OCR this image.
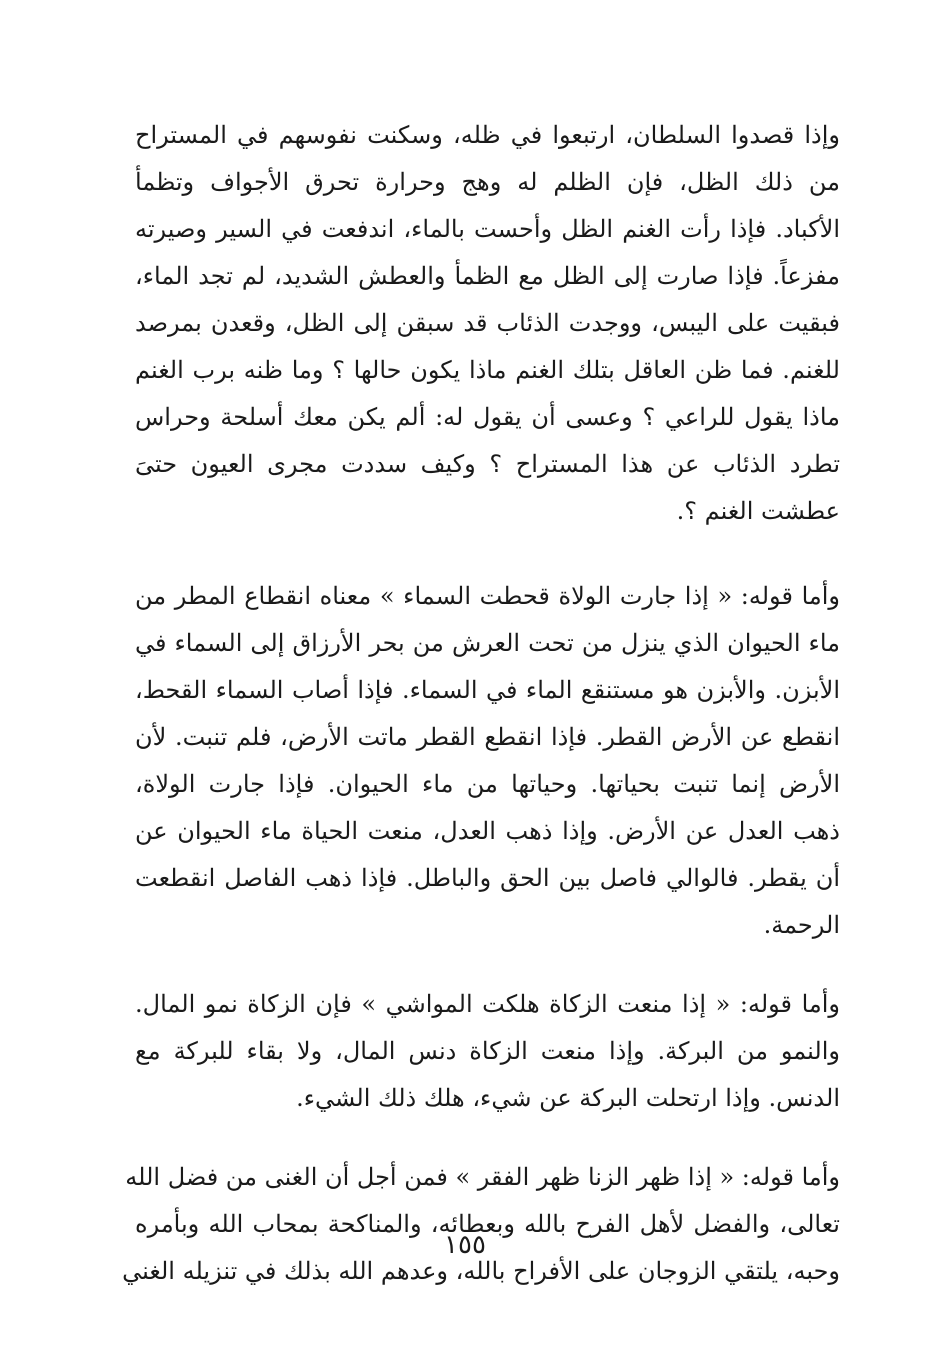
وإذا قصدوا السلطان، ارتبعوا في ظله، وسكنت نفوسهم في المستراح
من ذلك الظل، فإن الظلم له وهج وحرارة تحرق الأجواف وتظمأ
الأكباد. فإذا رأت الغنم الظل وأحست بالماء، اندفعت في السير وصيرته
مفزعاً. فإذا صارت إلى الظل مع الظمأ والعطش الشديد، لم تجد الماء،
فبقيت على اليبس، ووجدت الذئاب قد سبقن إلى الظل، وقعدن بمرصد
للغنم. فما ظن العاقل بتلك الغنم ماذا يكون حالها ؟ وما ظنه برب الغنم
ماذا يقول للراعي ؟ وعسى أن يقول له: ألم يكن معك أسلحة وحراس
تطرد الذئاب عن هذا المستراح ؟ وكيف سددت مجرى العيون حتىَ
عطشت الغنم ؟.
وأما قوله: « إذا جارت الولاة قحطت السماء » معناه انقطاع المطر من
ماء الحيوان الذي ينزل من تحت العرش من بحر الأرزاق إلى السماء في
الأبزن. والأبزن هو مستنقع الماء في السماء. فإذا أصاب السماء القحط،
انقطع عن الأرض القطر. فإذا انقطع القطر ماتت الأرض، فلم تنبت. لأن
الأرض إنما تنبت بحياتها. وحياتها من ماء الحيوان. فإذا جارت الولاة،
ذهب العدل عن الأرض. وإذا ذهب العدل، منعت الحياة ماء الحيوان عن
أن يقطر. فالوالي فاصل بين الحق والباطل. فإذا ذهب الفاصل انقطعت
الرحمة.
وأما قوله: « إذا منعت الزكاة هلكت المواشي » فإن الزكاة نمو المال.
والنمو من البركة. وإذا منعت الزكاة دنس المال، ولا بقاء للبركة مع
الدنس. وإذا ارتحلت البركة عن شيء، هلك ذلك الشيء.
وأما قوله: « إذا ظهر الزنا ظهر الفقر » فمن أجل أن الغنى من فضل الله
تعالى، والفضل لأهل الفرح بالله وبعطائه، والمناكحة بمحاب الله وبأمره
وحبه، يلتقي الزوجان على الأفراح بالله، وعدهم الله بذلك في تنزيله الغني
١٥٥
